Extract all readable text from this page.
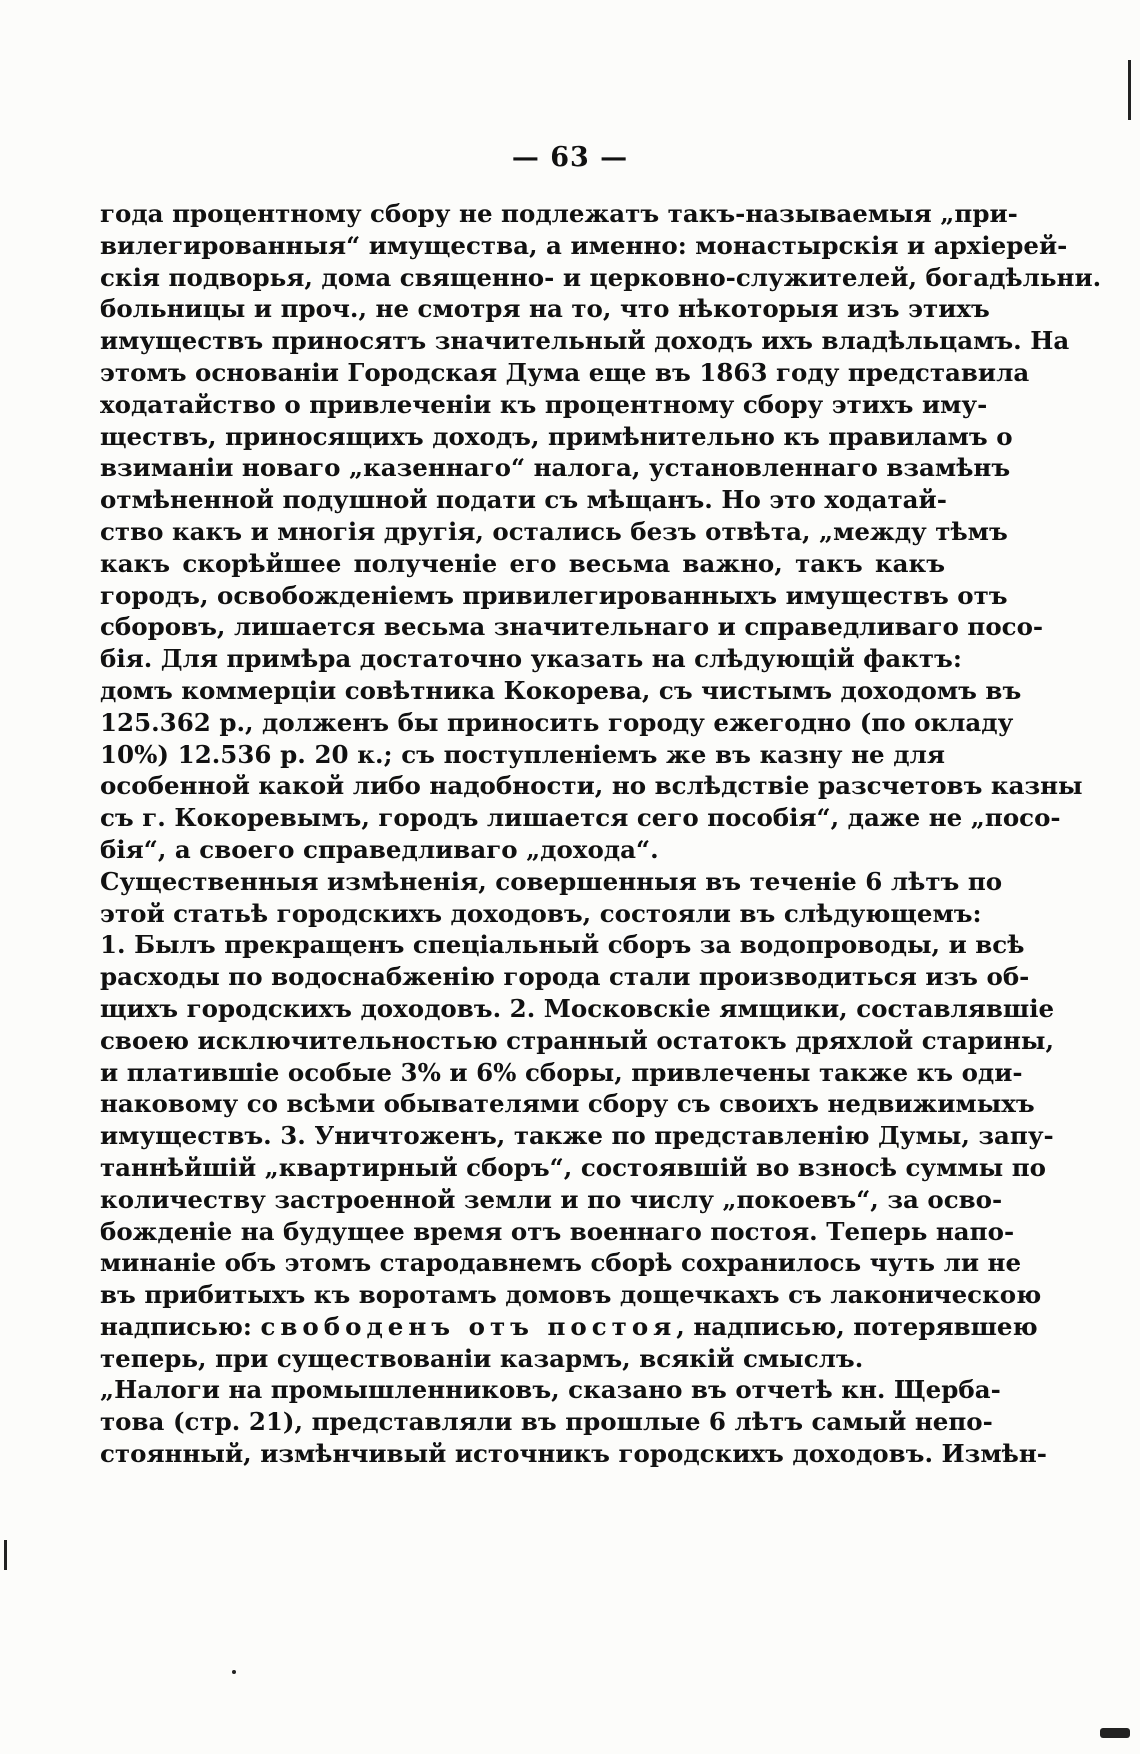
— 63 —
года процентному сбору не подлежатъ такъ-называемыя „при-
вилегированныя“ имущества, а именно: монастырскія и архіерей-
скія подворья, дома священно- и церковно-служителей, богадѣльни.
больницы и проч., не смотря на то, что нѣкоторыя изъ этихъ
имуществъ приносятъ значительный доходъ ихъ владѣльцамъ. На
этомъ основаніи Городская Дума еще въ 1863 году представила
ходатайство о привлеченіи къ процентному сбору этихъ иму-
ществъ, приносящихъ доходъ, примѣнительно къ правиламъ о
взиманіи новаго „казеннаго“ налога, установленнаго взамѣнъ
отмѣненной подушной подати съ мѣщанъ. Но это ходатай-
ство какъ и многія другія, остались безъ отвѣта, „между тѣмъ
какъ скорѣйшее полученіе его весьма важно, такъ какъ
городъ, освобожденіемъ привилегированныхъ имуществъ отъ
сборовъ, лишается весьма значительнаго и справедливаго посо-
бія. Для примѣра достаточно указать на слѣдующій фактъ:
домъ коммерціи совѣтника Кокорева, съ чистымъ доходомъ въ
125.362 р., долженъ бы приносить городу ежегодно (по окладу
10%) 12.536 р. 20 к.; съ поступленіемъ же въ казну не для
особенной какой либо надобности, но вслѣдствіе разсчетовъ казны
съ г. Кокоревымъ, городъ лишается сего пособія“, даже не „посо-
бія“, а своего справедливаго „дохода“.
Существенныя измѣненія, совершенныя въ теченіе 6 лѣтъ по
этой статьѣ городскихъ доходовъ, состояли въ слѣдующемъ:
1. Былъ прекращенъ спеціальный сборъ за водопроводы, и всѣ
расходы по водоснабженію города стали производиться изъ об-
щихъ городскихъ доходовъ. 2. Московскіе ямщики, составлявшіе
своею исключительностью странный остатокъ дряхлой старины,
и платившіе особые 3% и 6% сборы, привлечены также къ оди-
наковому со всѣми обывателями сбору съ своихъ недвижимыхъ
имуществъ. 3. Уничтоженъ, также по представленію Думы, запу-
таннѣйшій „квартирный сборъ“, состоявшій во взносѣ суммы по
количеству застроенной земли и по числу „покоевъ“, за осво-
божденіе на будущее время отъ военнаго постоя. Теперь напо-
минаніе объ этомъ стародавнемъ сборѣ сохранилось чуть ли не
въ прибитыхъ къ воротамъ домовъ дощечкахъ съ лаконическою
надписью: свободенъ отъ постоя, надписью, потерявшею
теперь, при существованіи казармъ, всякій смыслъ.
„Налоги на промышленниковъ, сказано въ отчетѣ кн. Щерба-
това (стр. 21), представляли въ прошлые 6 лѣтъ самый непо-
стоянный, измѣнчивый источникъ городскихъ доходовъ. Измѣн-
